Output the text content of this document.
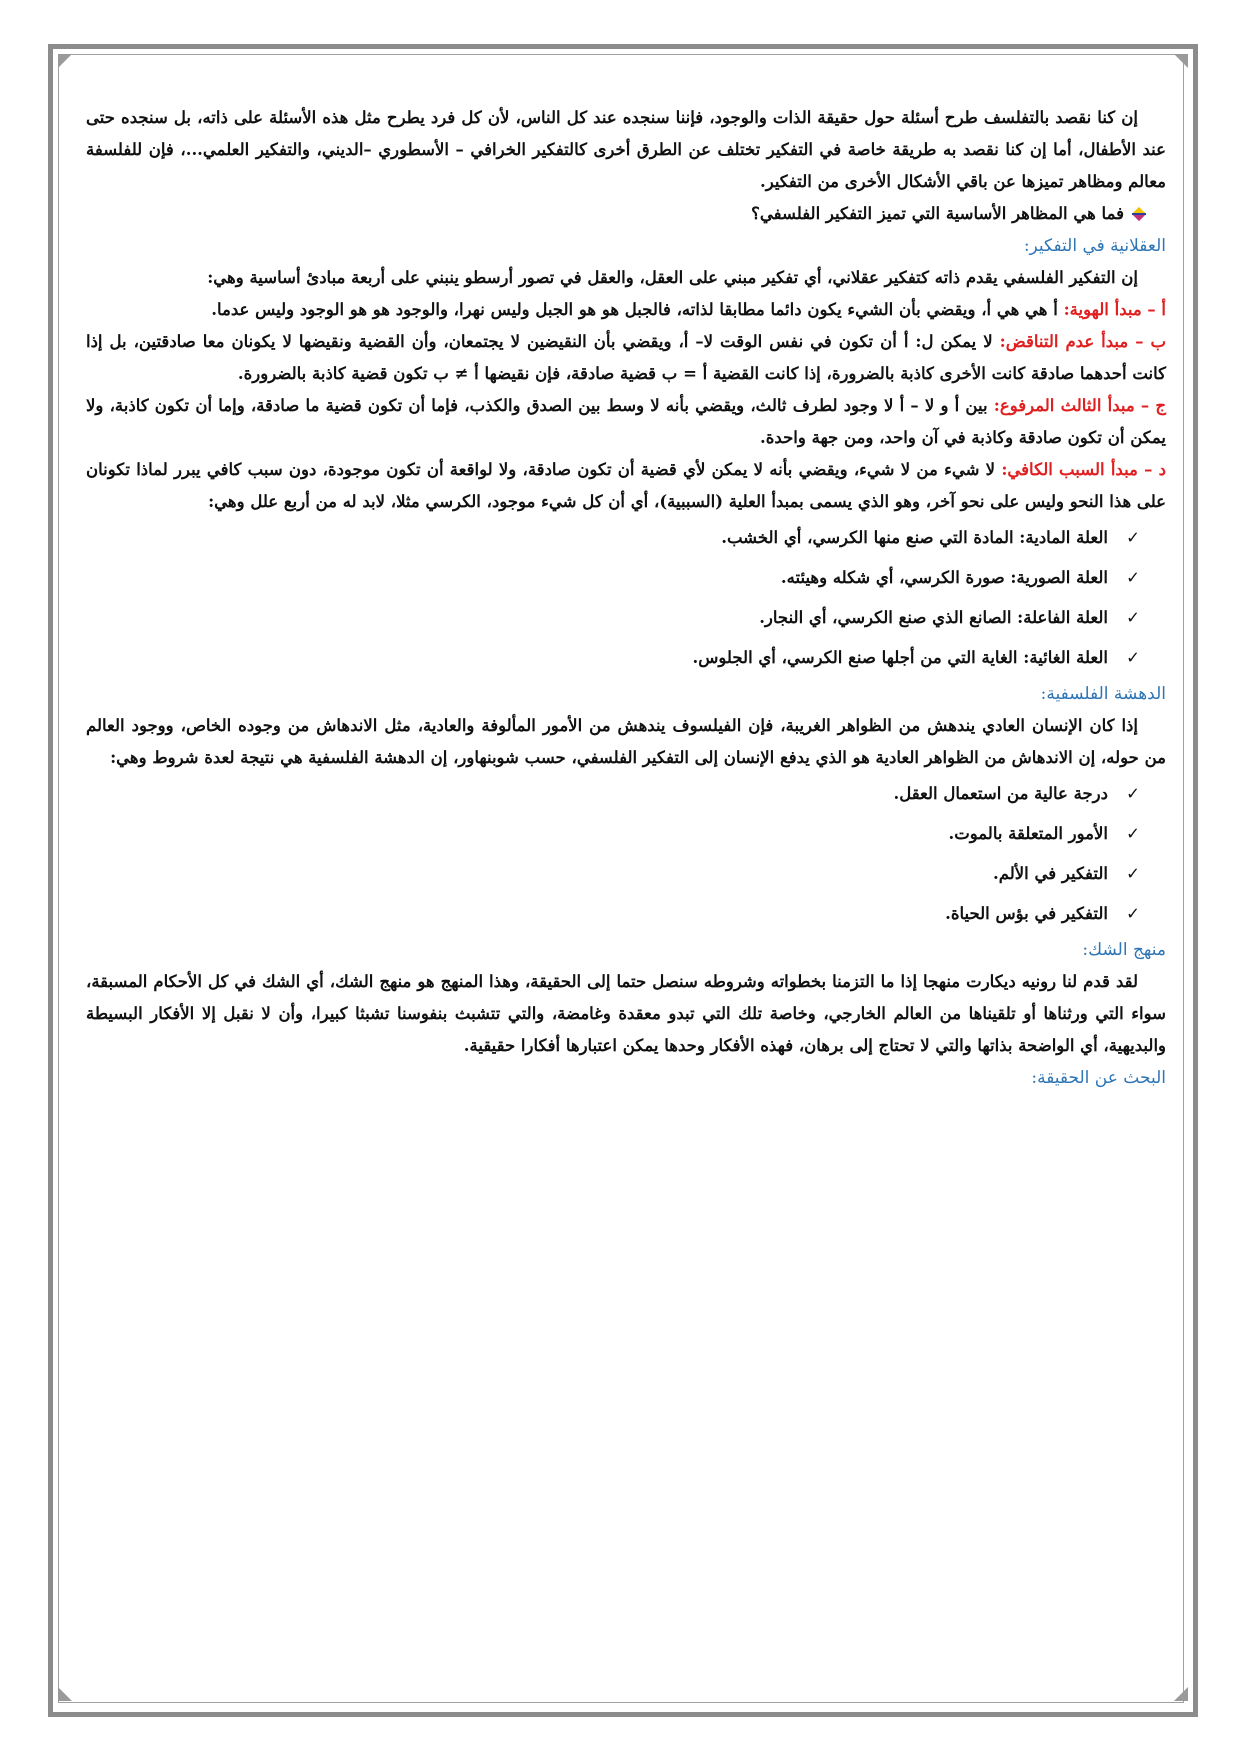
إن كنا نقصد بالتفلسف طرح أسئلة حول حقيقة الذات والوجود، فإننا سنجده عند كل الناس، لأن كل فرد يطرح مثل هذه الأسئلة على ذاته، بل سنجده حتى عند الأطفال، أما إن كنا نقصد به طريقة خاصة في التفكير تختلف عن الطرق أخرى كالتفكير الخرافي – الأسطوري –الديني، والتفكير العلمي...، فإن للفلسفة معالم ومظاهر تميزها عن باقي الأشكال الأخرى من التفكير.

فما هي المظاهر الأساسية التي تميز التفكير الفلسفي؟

العقلانية في التفكير:

إن التفكير الفلسفي يقدم ذاته كتفكير عقلاني، أي تفكير مبني على العقل، والعقل في تصور أرسطو ينبني على أربعة مبادئ أساسية وهي:

أ – مبدأ الهوية: أ هي هي أ، ويقضي بأن الشيء يكون دائما مطابقا لذاته، فالجبل هو هو الجبل وليس نهرا، والوجود هو هو الوجود وليس عدما.

ب – مبدأ عدم التناقض: لا يمكن ل: أ أن تكون في نفس الوقت لا– أ، ويقضي بأن النقيضين لا يجتمعان، وأن القضية ونقيضها لا يكونان معا صادقتين، بل إذا كانت أحدهما صادقة كانت الأخرى كاذبة بالضرورة، إذا كانت القضية أ = ب قضية صادقة، فإن نقيضها أ ≠ ب تكون قضية كاذبة بالضرورة.

ج – مبدأ الثالث المرفوع: بين أ و لا – أ لا وجود لطرف ثالث، ويقضي بأنه لا وسط بين الصدق والكذب، فإما أن تكون قضية ما صادقة، وإما أن تكون كاذبة، ولا يمكن أن تكون صادقة وكاذبة في آن واحد، ومن جهة واحدة.

د – مبدأ السبب الكافي: لا شيء من لا شيء، ويقضي بأنه لا يمكن لأي قضية أن تكون صادقة، ولا لواقعة أن تكون موجودة، دون سبب كافي يبرر لماذا تكونان على هذا النحو وليس على نحو آخر، وهو الذي يسمى بمبدأ العلية (السببية)، أي أن كل شيء موجود، الكرسي مثلا، لابد له من أربع علل وهي:

✓العلة المادية: المادة التي صنع منها الكرسي، أي الخشب.
✓العلة الصورية: صورة الكرسي، أي شكله وهيئته.
✓العلة الفاعلة: الصانع الذي صنع الكرسي، أي النجار.
✓العلة الغائية: الغاية التي من أجلها صنع الكرسي، أي الجلوس.

الدهشة الفلسفية:

إذا كان الإنسان العادي يندهش من الظواهر الغريبة، فإن الفيلسوف يندهش من الأمور المألوفة والعادية، مثل الاندهاش من وجوده الخاص، ووجود العالم من حوله، إن الاندهاش من الظواهر العادية هو الذي يدفع الإنسان إلى التفكير الفلسفي، حسب شوبنهاور، إن الدهشة الفلسفية هي نتيجة لعدة شروط وهي:

✓درجة عالية من استعمال العقل.
✓الأمور المتعلقة بالموت.
✓التفكير في الألم.
✓التفكير في بؤس الحياة.

منهج الشك:

لقد قدم لنا رونيه ديكارت منهجا إذا ما التزمنا بخطواته وشروطه سنصل حتما إلى الحقيقة، وهذا المنهج هو منهج الشك، أي الشك في كل الأحكام المسبقة، سواء التي ورثناها أو تلقيناها من العالم الخارجي، وخاصة تلك التي تبدو معقدة وغامضة، والتي تتشبث بنفوسنا تشبثا كبيرا، وأن لا نقبل إلا الأفكار البسيطة والبديهية، أي الواضحة بذاتها والتي لا تحتاج إلى برهان، فهذه الأفكار وحدها يمكن اعتبارها أفكارا حقيقية.

البحث عن الحقيقة:
